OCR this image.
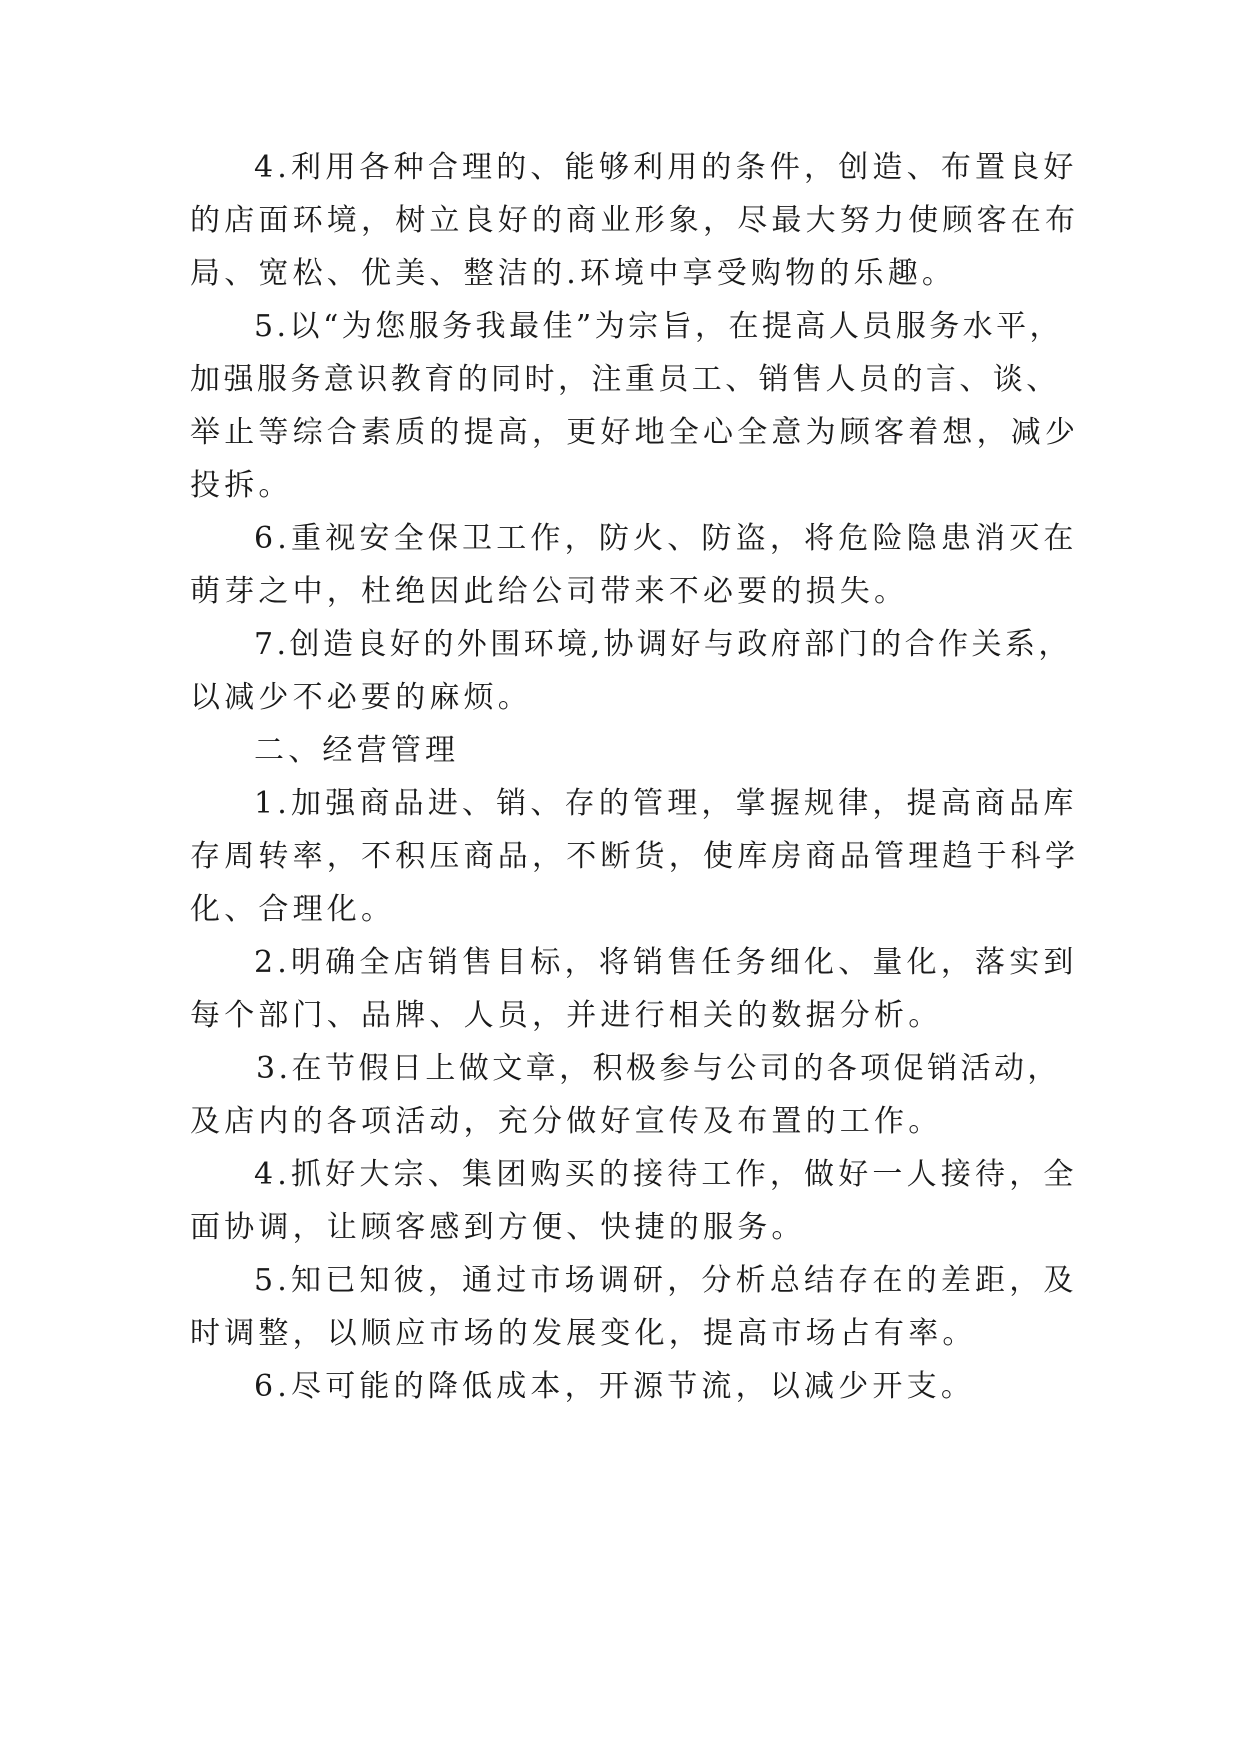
4.利用各种合理的、能够利用的条件，创造、布置良好
的店面环境，树立良好的商业形象，尽最大努力使顾客在布
局、宽松、优美、整洁的.环境中享受购物的乐趣。
5.以“为您服务我最佳”为宗旨，在提高人员服务水平，
加强服务意识教育的同时，注重员工、销售人员的言、谈、
举止等综合素质的提高，更好地全心全意为顾客着想，减少
投拆。
6.重视安全保卫工作，防火、防盗，将危险隐患消灭在
萌芽之中，杜绝因此给公司带来不必要的损失。
7.创造良好的外围环境,协调好与政府部门的合作关系，
以减少不必要的麻烦。
二、经营管理
1.加强商品进、销、存的管理，掌握规律，提高商品库
存周转率，不积压商品，不断货，使库房商品管理趋于科学
化、合理化。
2.明确全店销售目标，将销售任务细化、量化，落实到
每个部门、品牌、人员，并进行相关的数据分析。
3.在节假日上做文章，积极参与公司的各项促销活动，
及店内的各项活动，充分做好宣传及布置的工作。
4.抓好大宗、集团购买的接待工作，做好一人接待，全
面协调，让顾客感到方便、快捷的服务。
5.知已知彼，通过市场调研，分析总结存在的差距，及
时调整，以顺应市场的发展变化，提高市场占有率。
6.尽可能的降低成本，开源节流，以减少开支。
